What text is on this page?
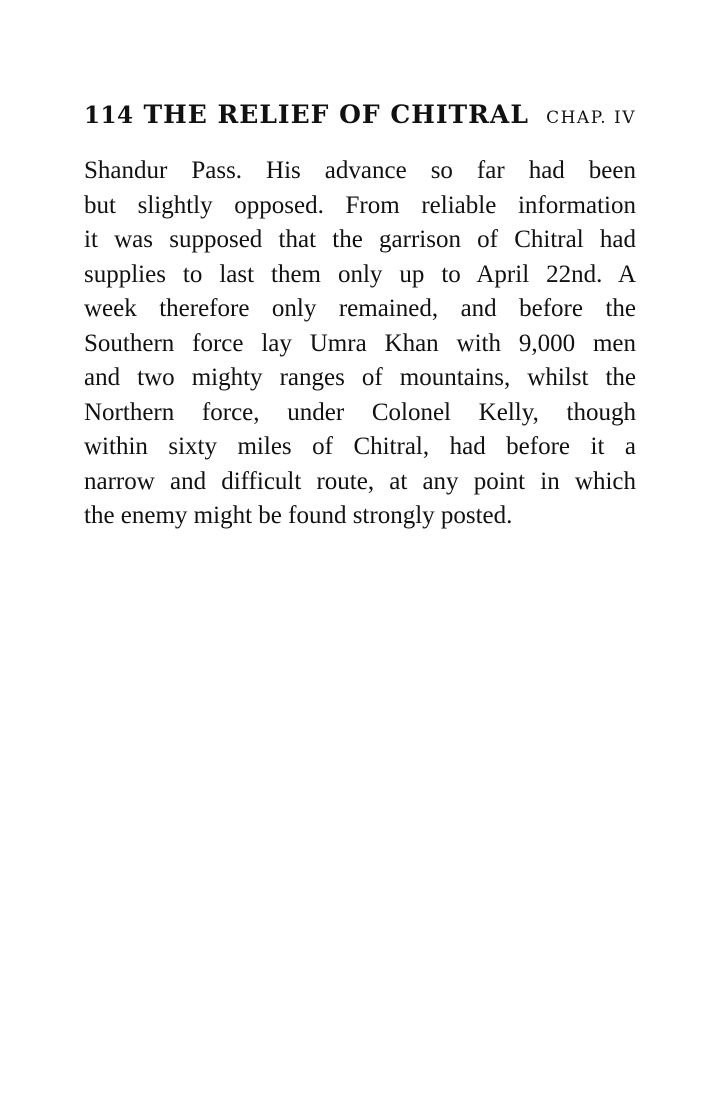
114 THE RELIEF OF CHITRAL CHAP. IV
Shandur Pass. His advance so far had been
but slightly opposed. From reliable information
it was supposed that the garrison of Chitral had
supplies to last them only up to April 22nd. A
week therefore only remained, and before the
Southern force lay Umra Khan with 9,000 men
and two mighty ranges of mountains, whilst the
Northern force, under Colonel Kelly, though
within sixty miles of Chitral, had before it a
narrow and difficult route, at any point in which
the enemy might be found strongly posted.
